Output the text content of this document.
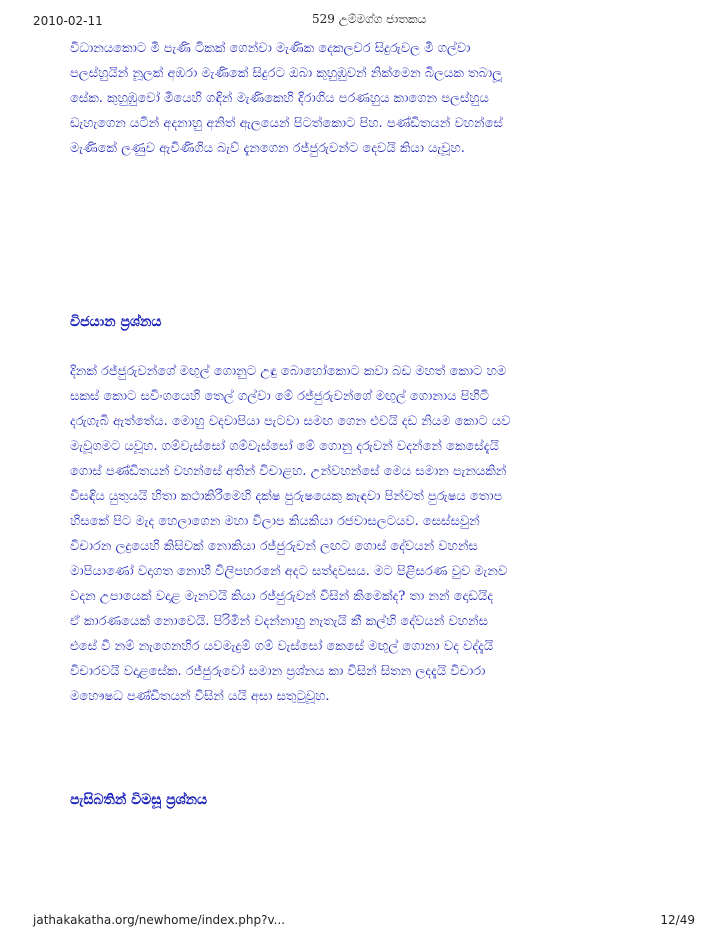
2010-02-11	529 උම්මග්ග ජාතකය

විධානයකොට මී පැණි ටිකක් ගෙන්වා මැණික දෙකලවර සිදුරුවල මී ගල්වා
පලස්හුයින් නූලක් අඹරා මැණිකේ සිදුරට ඔබා කුහුඹුවන් නික්මෙන බිලයක තබාලූ
සේක. කුහුඹුවෝ මීයෙහි ගඳින් මැණිකෙහි දිරාගිය පරණහුය කාගෙන පලස්හුය
ඩැහැගෙන යටින් අදනාහු අනිත් ඇලයෙන් පිටත්කොට පිහ. පණ්ඩිතයන් වහන්සේ
මැණිකේ ලණුව ඇවිණිගිය බැව් දැනගෙන රජ්ජුරුවන්ට දෙවයි කියා යැවූහ.

විජයාන ප්‍රශ්නය

දිනක් රජ්ජුරුවන්ගේ මඟුල් ගොනුට උඳු බොහෝකොට කවා බඩ මහත් කොට හම
සකස් කොට සවිංගයෙහි තෙල් ගල්වා මේ රජ්ජුරුවන්ගේ මඟුල් ගොනාය පිහිටි
දරුගැබි ඇත්තේය. මොහු වදවාපියා පැටවා සමඟ ගෙන එවයි දඩ නියම කොට යව
මැවූගමට යවූහ. ගම්වැස්සෝ ගම්වැස්සෝ මේ ගොනු දරුවන් වදන්නේ කෙසේදැයි
ගොස් පණ්ඩිතයන් වහන්සේ අතින් විචාළහ. උන්වහන්සේ මෙය සමාන පැනයකින්
විසඳිය යුතුයයි හිතා කථාකිරීමෙහි දක්ෂ පුරුෂයෙකු කැඳවා පින්වත් පුරුෂය තොප
හිසකේ පිට මැද හෙලාගෙන මහා විලාප කියකියා රජවාසලටයව. සෙස්සවුන්
විචාරන ලදුයෙහි කිසිවක් නොකියා රජ්ජුරුවන් ලඟට ගොස් දේවයන් වහන්ස
මාපියාණෝ වදාගත නොහී විලිපහරනේ අදට සත්දවසය. මට පිළිසරණ වුව මැනව
වදන උපායෙක් වදාළ මැනවයි කියා රජ්ජුරුවන් විසින් කිමෙක්ද? තා නන් දොඩයිද
ඒ කාරණයෙක් නොවෙයි. පිරිමින් වදන්නාහු නැතැයි කී කල්හි දේවයන් වහන්ස
එසේ වී නම් නැගෙනහිර යවමැදුම් ගම් වැස්සෝ කෙසේ මඟුල් ගොනා වද වද්දැයි
විචාරවයි වදාළසේක. රජ්ජුරුවෝ සමාන ප්‍රශ්නය කා විසින් සිතන ලදදැයි විචාරා
මහෞෂධ පණ්ඩිතයන් විසින් යයි අසා සතුටුවූහ.

පැසිබතින් විමසූ ප්‍රශ්නය
jathakakatha.org/newhome/index.php?v...	12/49
